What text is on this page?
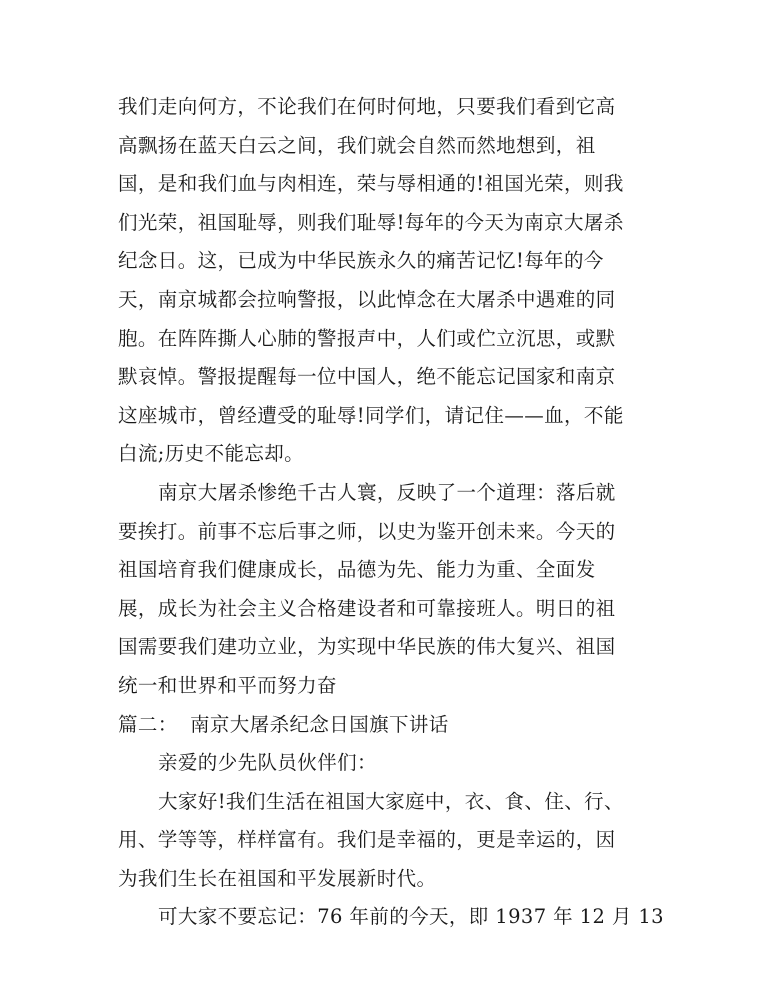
我们走向何方，不论我们在何时何地，只要我们看到它高
高飘扬在蓝天白云之间，我们就会自然而然地想到，祖
国，是和我们血与肉相连，荣与辱相通的!祖国光荣，则我
们光荣，祖国耻辱，则我们耻辱!每年的今天为南京大屠杀
纪念日。这，已成为中华民族永久的痛苦记忆!每年的今
天，南京城都会拉响警报，以此悼念在大屠杀中遇难的同
胞。在阵阵撕人心肺的警报声中，人们或伫立沉思，或默
默哀悼。警报提醒每一位中国人，绝不能忘记国家和南京
这座城市，曾经遭受的耻辱!同学们，请记住——血，不能
白流;历史不能忘却。
南京大屠杀惨绝千古人寰，反映了一个道理：落后就
要挨打。前事不忘后事之师，以史为鉴开创未来。今天的
祖国培育我们健康成长，品德为先、能力为重、全面发
展，成长为社会主义合格建设者和可靠接班人。明日的祖
国需要我们建功立业，为实现中华民族的伟大复兴、祖国
统一和世界和平而努力奋
篇二： 南京大屠杀纪念日国旗下讲话
亲爱的少先队员伙伴们：
大家好!我们生活在祖国大家庭中，衣、食、住、行、
用、学等等，样样富有。我们是幸福的，更是幸运的，因
为我们生长在祖国和平发展新时代。
可大家不要忘记：76 年前的今天，即 1937 年 12 月 13
